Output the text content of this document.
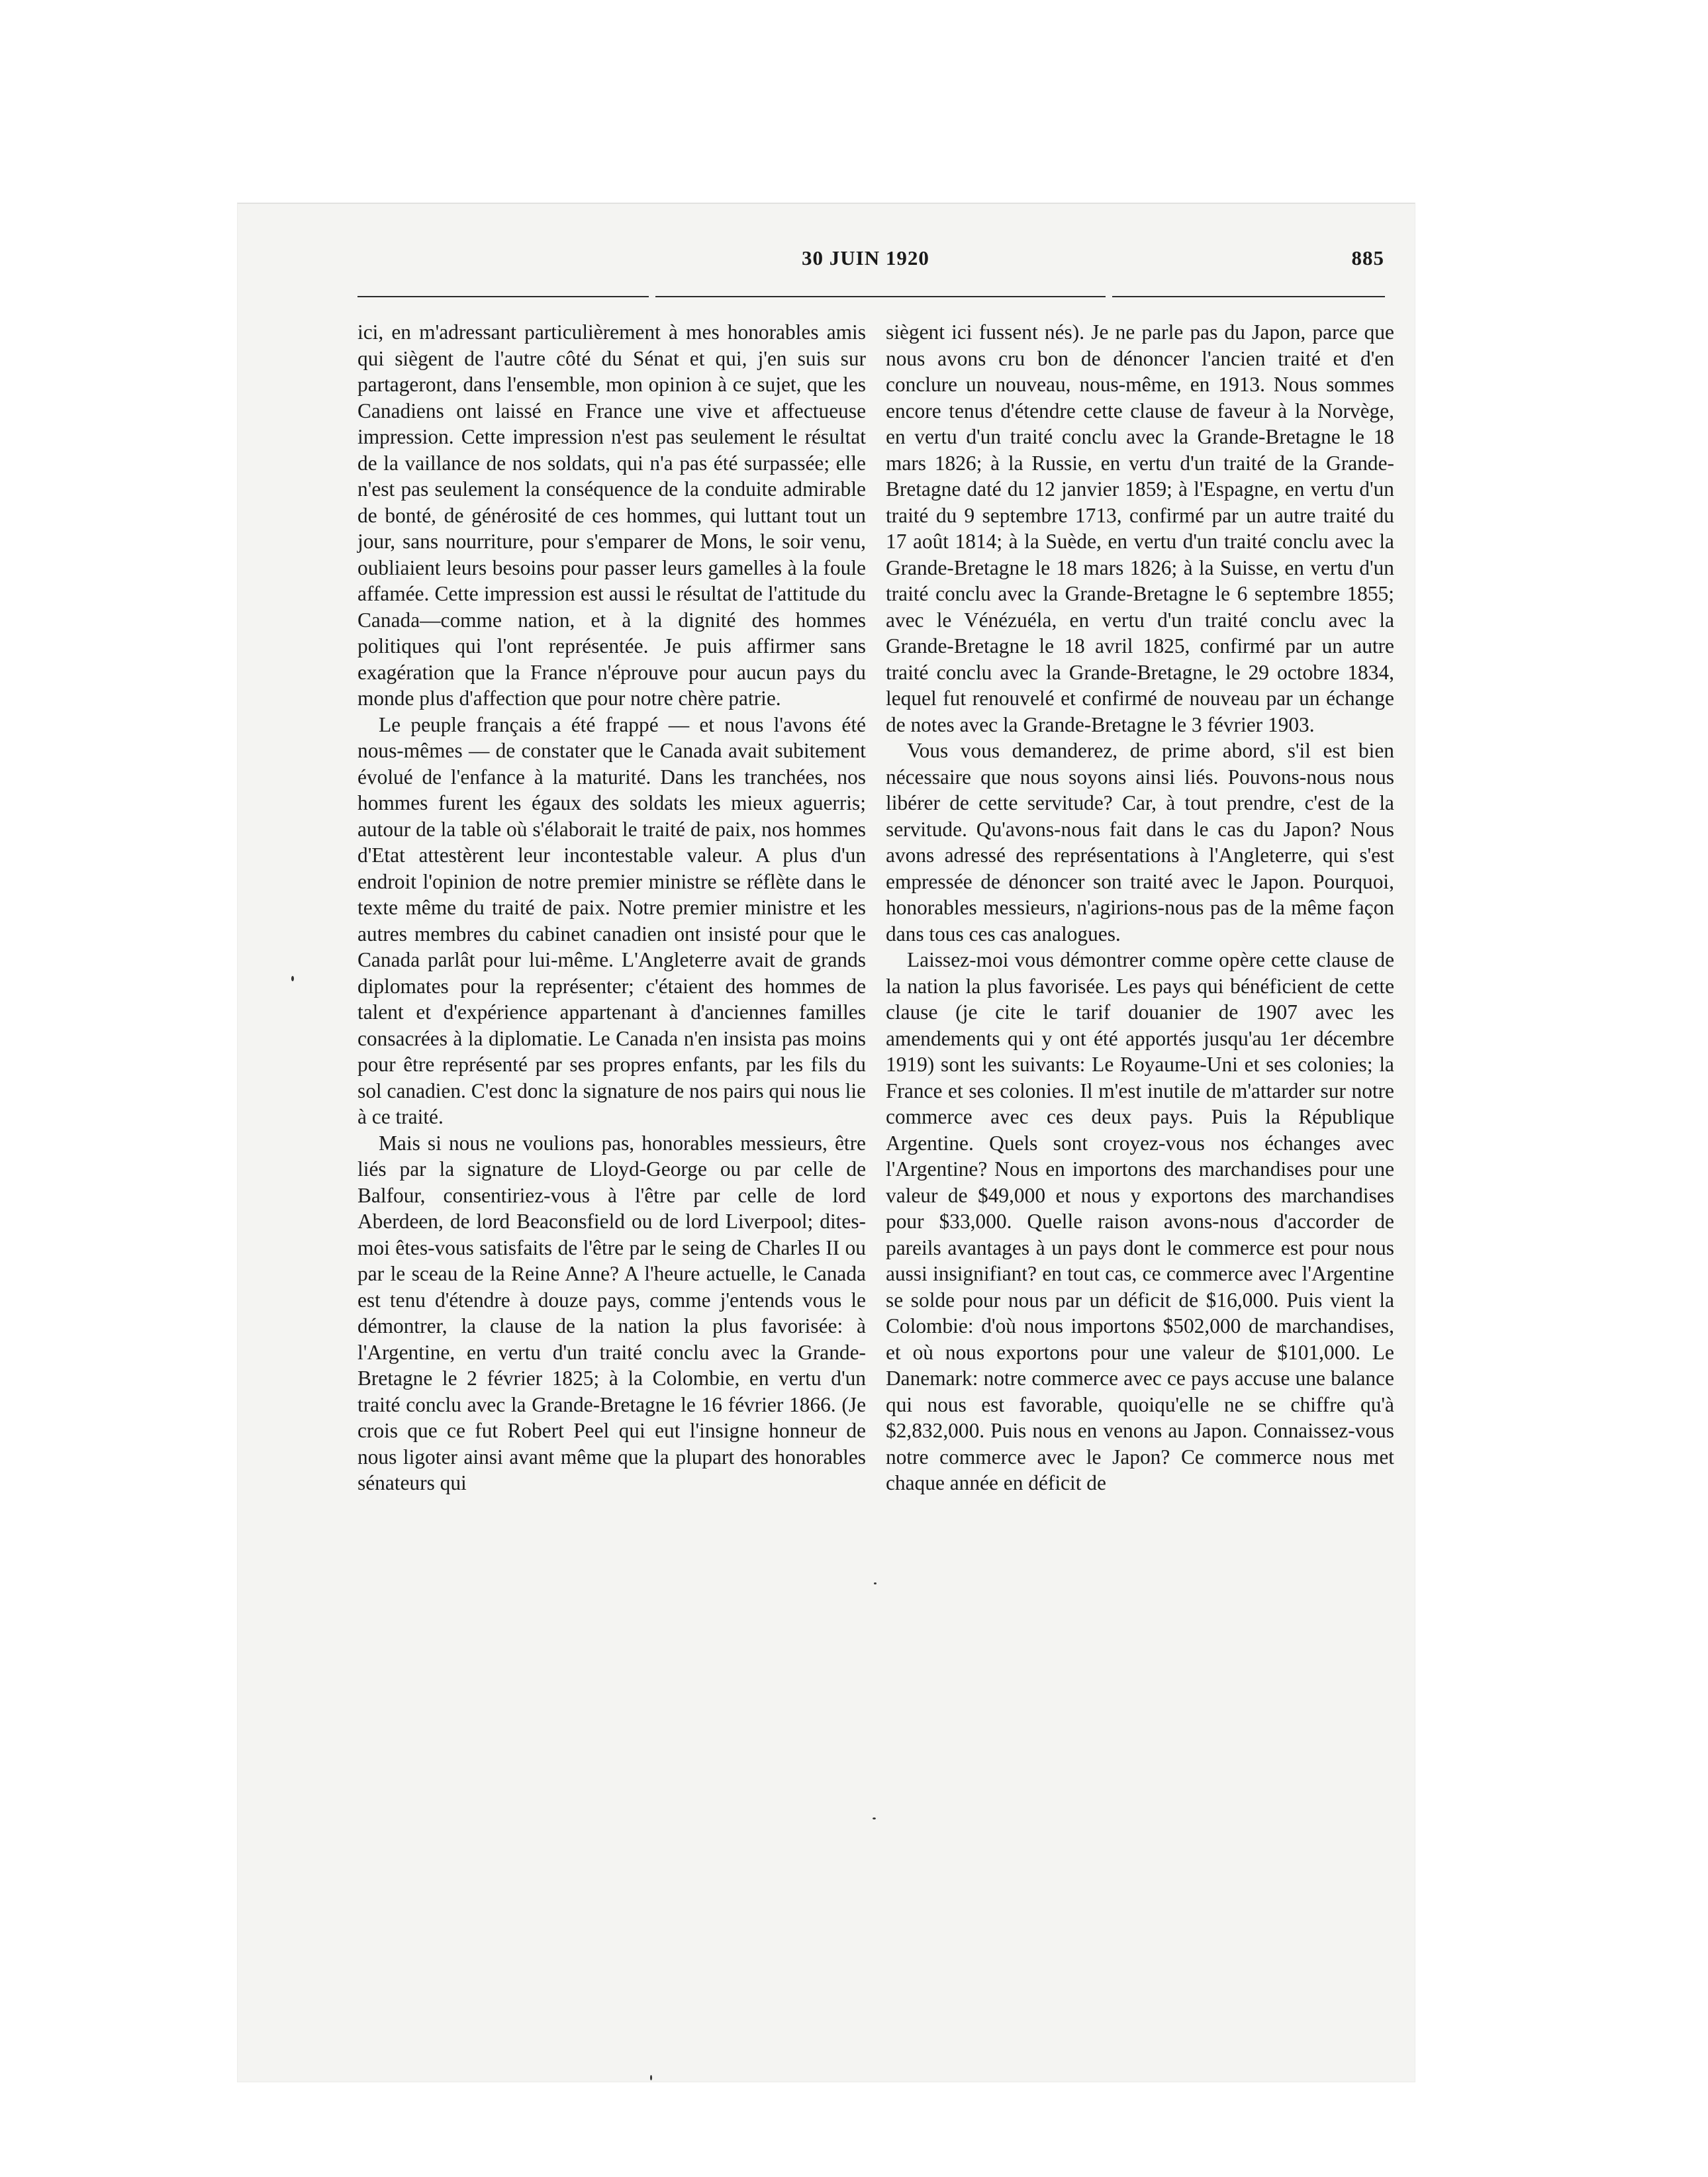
30 JUIN 1920	885

ici, en m'adressant particulièrement à mes honorables amis qui siègent de l'autre côté du Sénat et qui, j'en suis sur partageront, dans l'ensemble, mon opinion à ce sujet, que les Canadiens ont laissé en France une vive et affectueuse impression. Cette impression n'est pas seulement le résultat de la vaillance de nos soldats, qui n'a pas été surpassée; elle n'est pas seulement la conséquence de la conduite admirable de bonté, de générosité de ces hommes, qui luttant tout un jour, sans nourriture, pour s'emparer de Mons, le soir venu, oubliaient leurs besoins pour passer leurs gamelles à la foule affamée. Cette impression est aussi le résultat de l'attitude du Canada—comme nation, et à la dignité des hommes politiques qui l'ont représentée. Je puis affirmer sans exagération que la France n'éprouve pour aucun pays du monde plus d'affection que pour notre chère patrie.

Le peuple français a été frappé — et nous l'avons été nous-mêmes — de constater que le Canada avait subitement évolué de l'enfance à la maturité. Dans les tranchées, nos hommes furent les égaux des soldats les mieux aguerris; autour de la table où s'élaborait le traité de paix, nos hommes d'Etat attestèrent leur incontestable valeur. A plus d'un endroit l'opinion de notre premier ministre se réflète dans le texte même du traité de paix. Notre premier ministre et les autres membres du cabinet canadien ont insisté pour que le Canada parlât pour lui-même. L'Angleterre avait de grands diplomates pour la représenter; c'étaient des hommes de talent et d'expérience appartenant à d'anciennes familles consacrées à la diplomatie. Le Canada n'en insista pas moins pour être représenté par ses propres enfants, par les fils du sol canadien. C'est donc la signature de nos pairs qui nous lie à ce traité.

Mais si nous ne voulions pas, honorables messieurs, être liés par la signature de Lloyd-George ou par celle de Balfour, consentiriez-vous à l'être par celle de lord Aberdeen, de lord Beaconsfield ou de lord Liverpool; dites-moi êtes-vous satisfaits de l'être par le seing de Charles II ou par le sceau de la Reine Anne? A l'heure actuelle, le Canada est tenu d'étendre à douze pays, comme j'entends vous le démontrer, la clause de la nation la plus favorisée: à l'Argentine, en vertu d'un traité conclu avec la Grande-Bretagne le 2 février 1825; à la Colombie, en vertu d'un traité conclu avec la Grande-Bretagne le 16 février 1866. (Je crois que ce fut Robert Peel qui eut l'insigne honneur de nous ligoter ainsi avant même que la plupart des honorables sénateurs qui

siègent ici fussent nés). Je ne parle pas du Japon, parce que nous avons cru bon de dénoncer l'ancien traité et d'en conclure un nouveau, nous-même, en 1913. Nous sommes encore tenus d'étendre cette clause de faveur à la Norvège, en vertu d'un traité conclu avec la Grande-Bretagne le 18 mars 1826; à la Russie, en vertu d'un traité de la Grande-Bretagne daté du 12 janvier 1859; à l'Espagne, en vertu d'un traité du 9 septembre 1713, confirmé par un autre traité du 17 août 1814; à la Suède, en vertu d'un traité conclu avec la Grande-Bretagne le 18 mars 1826; à la Suisse, en vertu d'un traité conclu avec la Grande-Bretagne le 6 septembre 1855; avec le Vénézuéla, en vertu d'un traité conclu avec la Grande-Bretagne le 18 avril 1825, confirmé par un autre traité conclu avec la Grande-Bretagne, le 29 octobre 1834, lequel fut renouvelé et confirmé de nouveau par un échange de notes avec la Grande-Bretagne le 3 février 1903.

Vous vous demanderez, de prime abord, s'il est bien nécessaire que nous soyons ainsi liés. Pouvons-nous nous libérer de cette servitude? Car, à tout prendre, c'est de la servitude. Qu'avons-nous fait dans le cas du Japon? Nous avons adressé des représentations à l'Angleterre, qui s'est empressée de dénoncer son traité avec le Japon. Pourquoi, honorables messieurs, n'agirions-nous pas de la même façon dans tous ces cas analogues.

Laissez-moi vous démontrer comme opère cette clause de la nation la plus favorisée. Les pays qui bénéficient de cette clause (je cite le tarif douanier de 1907 avec les amendements qui y ont été apportés jusqu'au 1er décembre 1919) sont les suivants: Le Royaume-Uni et ses colonies; la France et ses colonies. Il m'est inutile de m'attarder sur notre commerce avec ces deux pays. Puis la République Argentine. Quels sont croyez-vous nos échanges avec l'Argentine? Nous en importons des marchandises pour une valeur de $49,000 et nous y exportons des marchandises pour $33,000. Quelle raison avons-nous d'accorder de pareils avantages à un pays dont le commerce est pour nous aussi insignifiant? en tout cas, ce commerce avec l'Argentine se solde pour nous par un déficit de $16,000. Puis vient la Colombie: d'où nous importons $502,000 de marchandises, et où nous exportons pour une valeur de $101,000. Le Danemark: notre commerce avec ce pays accuse une balance qui nous est favorable, quoiqu'elle ne se chiffre qu'à $2,832,000. Puis nous en venons au Japon. Connaissez-vous notre commerce avec le Japon? Ce commerce nous met chaque année en déficit de
